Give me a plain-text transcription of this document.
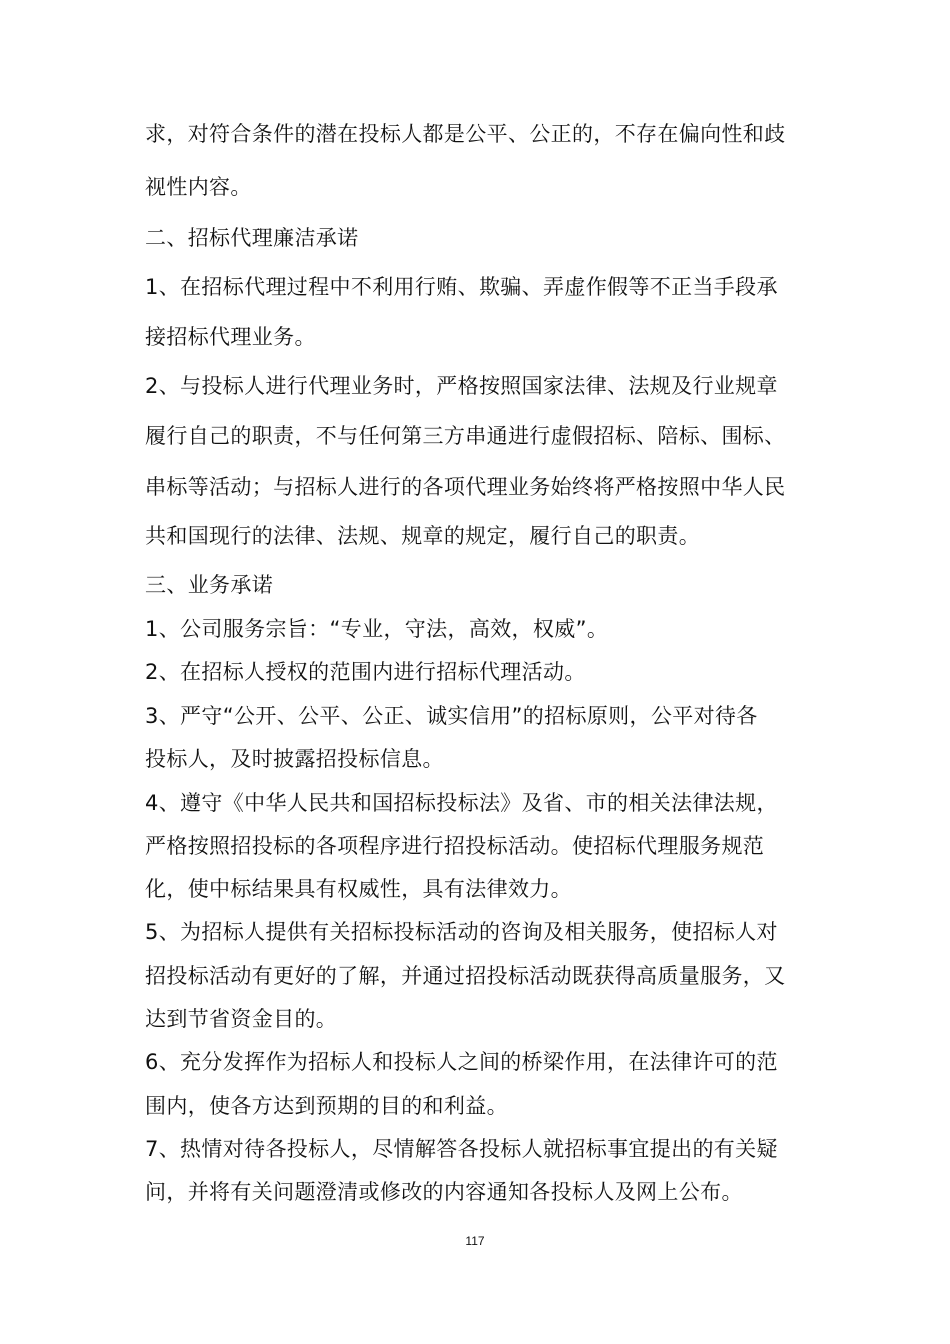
求，对符合条件的潜在投标人都是公平、公正的，不存在偏向性和歧
视性内容。
二、招标代理廉洁承诺
1、在招标代理过程中不利用行贿、欺骗、弄虚作假等不正当手段承
接招标代理业务。
2、与投标人进行代理业务时，严格按照国家法律、法规及行业规章
履行自己的职责，不与任何第三方串通进行虚假招标、陪标、围标、
串标等活动；与招标人进行的各项代理业务始终将严格按照中华人民
共和国现行的法律、法规、规章的规定，履行自己的职责。
三、业务承诺
1、公司服务宗旨：“专业，守法，高效，权威”。
2、在招标人授权的范围内进行招标代理活动。
3、严守“公开、公平、公正、诚实信用”的招标原则，公平对待各
投标人，及时披露招投标信息。
4、遵守《中华人民共和国招标投标法》及省、市的相关法律法规，
严格按照招投标的各项程序进行招投标活动。使招标代理服务规范
化，使中标结果具有权威性，具有法律效力。
5、为招标人提供有关招标投标活动的咨询及相关服务，使招标人对
招投标活动有更好的了解，并通过招投标活动既获得高质量服务，又
达到节省资金目的。
6、充分发挥作为招标人和投标人之间的桥梁作用，在法律许可的范
围内，使各方达到预期的目的和利益。
7、热情对待各投标人，尽情解答各投标人就招标事宜提出的有关疑
问，并将有关问题澄清或修改的内容通知各投标人及网上公布。
117
